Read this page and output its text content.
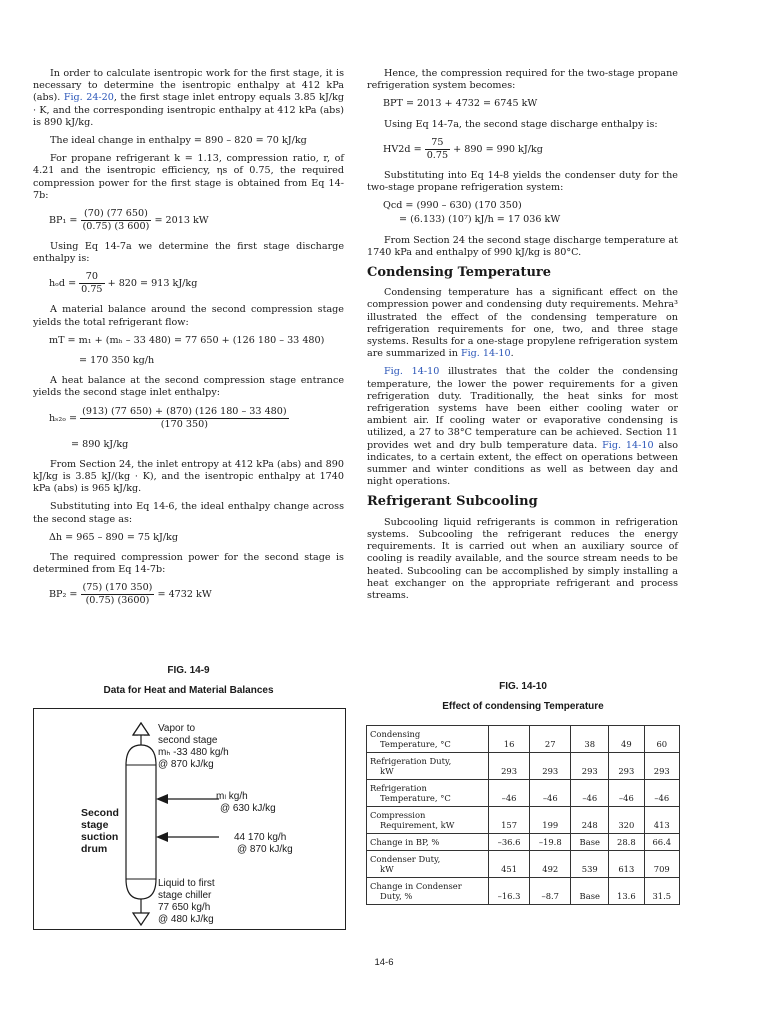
In order to calculate isentropic work for the first stage, it is necessary to determine the isentropic enthalpy at 412 kPa (abs). Fig. 24-20, the first stage inlet entropy equals 3.85 kJ/kg · K, and the corresponding isentropic enthalpy at 412 kPa (abs) is 890 kJ/kg.

The ideal change in enthalpy = 890 – 820 = 70 kJ/kg

For propane refrigerant k = 1.13, compression ratio, r, of 4.21 and the isentropic efficiency, ηs of 0.75, the required compression power for the first stage is obtained from Eq 14-7b:

BP₁ = (70) (77 650)
(0.75) (3 600) = 2013 kW

Using Eq 14-7a we determine the first stage discharge enthalpy is:

hₒd = 70
0.75 + 820 = 913 kJ/kg

A material balance around the second compression stage yields the total refrigerant flow:

mT = m₁ + (mₕ – 33 480) = 77 650 + (126 180 – 33 480)
= 170 350 kg/h

A heat balance at the second compression stage entrance yields the second stage inlet enthalpy:

hₛ₂ₒ = (913) (77 650) + (870) (126 180 – 33 480)
(170 350)
= 890 kJ/kg

From Section 24, the inlet entropy at 412 kPa (abs) and 890 kJ/kg is 3.85 kJ/(kg · K), and the isentropic enthalpy at 1740 kPa (abs) is 965 kJ/kg.

Substituting into Eq 14-6, the ideal enthalpy change across the second stage as:

Δh = 965 – 890 = 75 kJ/kg

The required compression power for the second stage is determined from Eq 14-7b:

BP₂ = (75) (170 350)
(0.75) (3600) = 4732 kW

Hence, the compression required for the two-stage propane refrigeration system becomes:

BPT = 2013 + 4732 = 6745 kW

Using Eq 14-7a, the second stage discharge enthalpy is:

HV2d = 75
0.75 + 890 = 990 kJ/kg

Substituting into Eq 14-8 yields the condenser duty for the two-stage propane refrigeration system:

Qcd = (990 – 630) (170 350)
= (6.133) (10⁷) kJ/h = 17 036 kW

From Section 24 the second stage discharge temperature at 1740 kPa and enthalpy of 990 kJ/kg is 80°C.

Condensing Temperature

Condensing temperature has a significant effect on the compression power and condensing duty requirements. Mehra³ illustrated the effect of the condensing temperature on refrigeration requirements for one, two, and three stage systems. Results for a one-stage propylene refrigeration system are summarized in Fig. 14-10.

Fig. 14-10 illustrates that the colder the condensing temperature, the lower the power requirements for a given refrigeration duty. Traditionally, the heat sinks for most refrigeration systems have been either cooling water or ambient air. If cooling water or evaporative condensing is utilized, a 27 to 38°C temperature can be achieved. Section 11 provides wet and dry bulb temperature data. Fig. 14-10 also indicates, to a certain extent, the effect on operations between summer and winter conditions as well as between day and night operations.

Refrigerant Subcooling

Subcooling liquid refrigerants is common in refrigeration systems. Subcooling the refrigerant reduces the energy requirements. It is carried out when an auxiliary source of cooling is readily available, and the source stream needs to be heated. Subcooling can be accomplished by simply installing a heat exchanger on the appropriate refrigerant and process streams.

FIG. 14-9
Data for Heat and Material Balances
Vapor to
second stage
mₕ -33 480 kg/h
@ 870 kJ/kg
Second
stage
suction
drum
mₗ kg/h
@ 630 kJ/kg
44 170 kg/h
@ 870 kJ/kg
Liquid to first
stage chiller
77 650 kg/h
@ 480 kJ/kg
FIG. 14-10
Effect of condensing Temperature
Condensing
Temperature, °C	16	27	38	49	60

Refrigeration Duty,
kW	293	293	293	293	293

Refrigeration
Temperature, °C	–46	–46	–46	–46	–46

Compression
Requirement, kW	157	199	248	320	413

Change in BP, %	–36.6	–19.8	Base	28.8	66.4

Condenser Duty,
kW	451	492	539	613	709

Change in Condenser
Duty, %	–16.3	–8.7	Base	13.6	31.5
14-6
